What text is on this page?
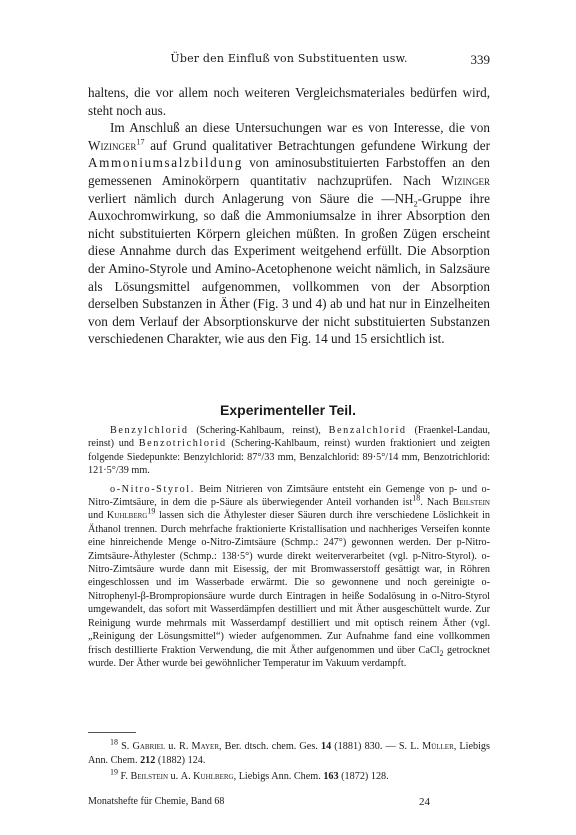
Über den Einfluß von Substituenten usw.	339

haltens, die vor allem noch weiteren Vergleichsmateriales bedürfen wird, steht noch aus.

Im Anschluß an diese Untersuchungen war es von Interesse, die von Wizinger$^{17}$ auf Grund qualitativer Betrachtungen gefundene Wirkung der Ammoniumsalzbildung von aminosubstituierten Farbstoffen an den gemessenen Aminokörpern quantitativ nachzuprüfen. Nach Wizinger verliert nämlich durch Anlagerung von Säure die $—NH_2$-Gruppe ihre Auxochromwirkung, so daß die Ammoniumsalze in ihrer Absorption den nicht substituierten Körpern gleichen müßten. In großen Zügen erscheint diese Annahme durch das Experiment weitgehend erfüllt. Die Absorption der Amino-Styrole und Amino-Acetophenone weicht nämlich, in Salzsäure als Lösungsmittel aufgenommen, vollkommen von der Absorption derselben Substanzen in Äther (Fig. 3 und 4) ab und hat nur in Einzelheiten von dem Verlauf der Absorptionskurve der nicht substituierten Substanzen verschiedenen Charakter, wie aus den Fig. 14 und 15 ersichtlich ist.

Experimenteller Teil.

Benzylchlorid (Schering-Kahlbaum, reinst), Benzalchlorid (Fraenkel-Landau, reinst) und Benzotrichlorid (Schering-Kahlbaum, reinst) wurden fraktioniert und zeigten folgende Siedepunkte: Benzylchlorid: 87°/33 mm, Benzalchlorid: 89·5°/14 mm, Benzotrichlorid: 121·5°/39 mm.

o-Nitro-Styrol. Beim Nitrieren von Zimtsäure entsteht ein Gemenge von p- und o-Nitro-Zimtsäure, in dem die p-Säure als überwiegender Anteil vorhanden ist$^{18}$. Nach Beilstein und Kuhlberg$^{19}$ lassen sich die Äthylester dieser Säuren durch ihre verschiedene Löslichkeit in Äthanol trennen. Durch mehrfache fraktionierte Kristallisation und nachheriges Verseifen konnte eine hinreichende Menge o-Nitro-Zimtsäure (Schmp.: 247°) gewonnen werden. Der p-Nitro-Zimtsäure-Äthylester (Schmp.: 138·5°) wurde direkt weiterverarbeitet (vgl. p-Nitro-Styrol). o-Nitro-Zimtsäure wurde dann mit Eisessig, der mit Bromwasserstoff gesättigt war, in Röhren eingeschlossen und im Wasserbade erwärmt. Die so gewonnene und noch gereinigte o-Nitrophenyl-β-Brompropionsäure wurde durch Eintragen in heiße Sodalösung in o-Nitro-Styrol umgewandelt, das sofort mit Wasserdämpfen destilliert und mit Äther ausgeschüttelt wurde. Zur Reinigung wurde mehrmals mit Wasserdampf destilliert und mit optisch reinem Äther (vgl. „Reinigung der Lösungsmittel“) wieder aufgenommen. Zur Aufnahme fand eine vollkommen frisch destillierte Fraktion Verwendung, die mit Äther aufgenommen und über CaCl$_2$ getrocknet wurde. Der Äther wurde bei gewöhnlicher Temperatur im Vakuum verdampft.

$^{18}$ S. Gabriel u. R. Mayer, Ber. dtsch. chem. Ges. 14 (1881) 830. — S. L. Müller, Liebigs Ann. Chem. 212 (1882) 124.

$^{19}$ F. Beilstein u. A. Kuhlberg, Liebigs Ann. Chem. 163 (1872) 128.

Monatshefte für Chemie, Band 68	24
